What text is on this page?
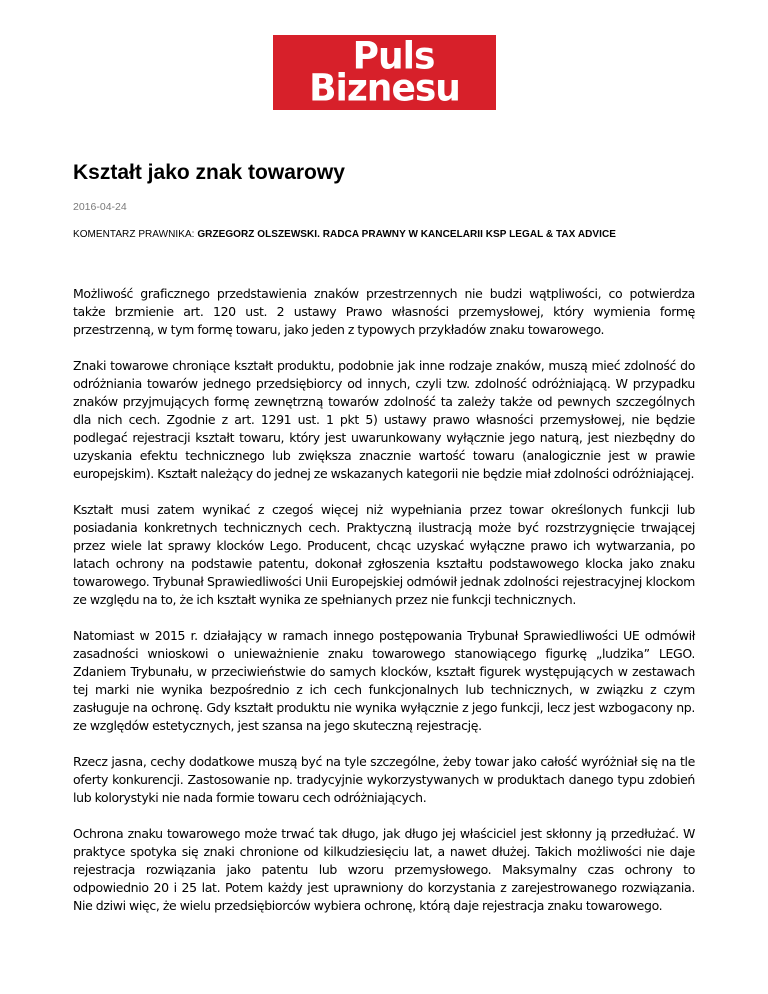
Puls
Biznesu
Kształt jako znak towarowy
2016-04-24
KOMENTARZ PRAWNIKA: GRZEGORZ OLSZEWSKI. RADCA PRAWNY W KANCELARII KSP LEGAL & TAX ADVICE

Możliwość graficznego przedstawienia znaków przestrzennych nie budzi wątpliwości, co potwierdza także brzmienie art. 120 ust. 2 ustawy Prawo własności przemysłowej, który wymienia formę przestrzenną, w tym formę towaru, jako jeden z typowych przykładów znaku towarowego.

Znaki towarowe chroniące kształt produktu, podobnie jak inne rodzaje znaków, muszą mieć zdolność do odróżniania towarów jednego przedsiębiorcy od innych, czyli tzw. zdolność odróżniającą. W przypadku znaków przyjmujących formę zewnętrzną towarów zdolność ta zależy także od pewnych szczególnych dla nich cech. Zgodnie z art. 1291 ust. 1 pkt 5) ustawy prawo własności przemysłowej, nie będzie podlegać rejestracji kształt towaru, który jest uwarunkowany wyłącznie jego naturą, jest niezbędny do uzyskania efektu technicznego lub zwiększa znacznie wartość towaru (analogicznie jest w prawie europejskim). Kształt należący do jednej ze wskazanych kategorii nie będzie miał zdolności odróżniającej.

Kształt musi zatem wynikać z czegoś więcej niż wypełniania przez towar określonych funkcji lub posiadania konkretnych technicznych cech. Praktyczną ilustracją może być rozstrzygnięcie trwającej przez wiele lat sprawy klocków Lego. Producent, chcąc uzyskać wyłączne prawo ich wytwarzania, po latach ochrony na podstawie patentu, dokonał zgłoszenia kształtu podstawowego klocka jako znaku towarowego. Trybunał Sprawiedliwości Unii Europejskiej odmówił jednak zdolności rejestracyjnej klockom ze względu na to, że ich kształt wynika ze spełnianych przez nie funkcji technicznych.

Natomiast w 2015 r. działający w ramach innego postępowania Trybunał Sprawiedliwości UE odmówił zasadności wnioskowi o unieważnienie znaku towarowego stanowiącego figurkę „ludzika” LEGO. Zdaniem Trybunału, w przeciwieństwie do samych klocków, kształt figurek występujących w zestawach tej marki nie wynika bezpośrednio z ich cech funkcjonalnych lub technicznych, w związku z czym zasługuje na ochronę. Gdy kształt produktu nie wynika wyłącznie z jego funkcji, lecz jest wzbogacony np. ze względów estetycznych, jest szansa na jego skuteczną rejestrację.

Rzecz jasna, cechy dodatkowe muszą być na tyle szczególne, żeby towar jako całość wyróżniał się na tle oferty konkurencji. Zastosowanie np. tradycyjnie wykorzystywanych w produktach danego typu zdobień lub kolorystyki nie nada formie towaru cech odróżniających.

Ochrona znaku towarowego może trwać tak długo, jak długo jej właściciel jest skłonny ją przedłużać. W praktyce spotyka się znaki chronione od kilkudziesięciu lat, a nawet dłużej. Takich możliwości nie daje rejestracja rozwiązania jako patentu lub wzoru przemysłowego. Maksymalny czas ochrony to odpowiednio 20 i 25 lat. Potem każdy jest uprawniony do korzystania z zarejestrowanego rozwiązania. Nie dziwi więc, że wielu przedsiębiorców wybiera ochronę, którą daje rejestracja znaku towarowego.
